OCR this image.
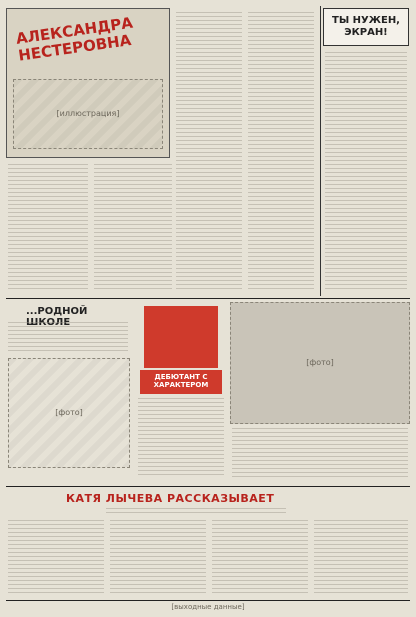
АЛЕКСАНДРА НЕСТЕРОВНА
[иллюстрация]
ТЫ НУЖЕН, ЭКРАН!
...РОДНОЙ ШКОЛЕ
[фото]
ДЕБЮТАНТ С ХАРАКТЕРОМ
[фото]
КАТЯ ЛЫЧЕВА РАССКАЗЫВАЕТ
[выходные данные]
